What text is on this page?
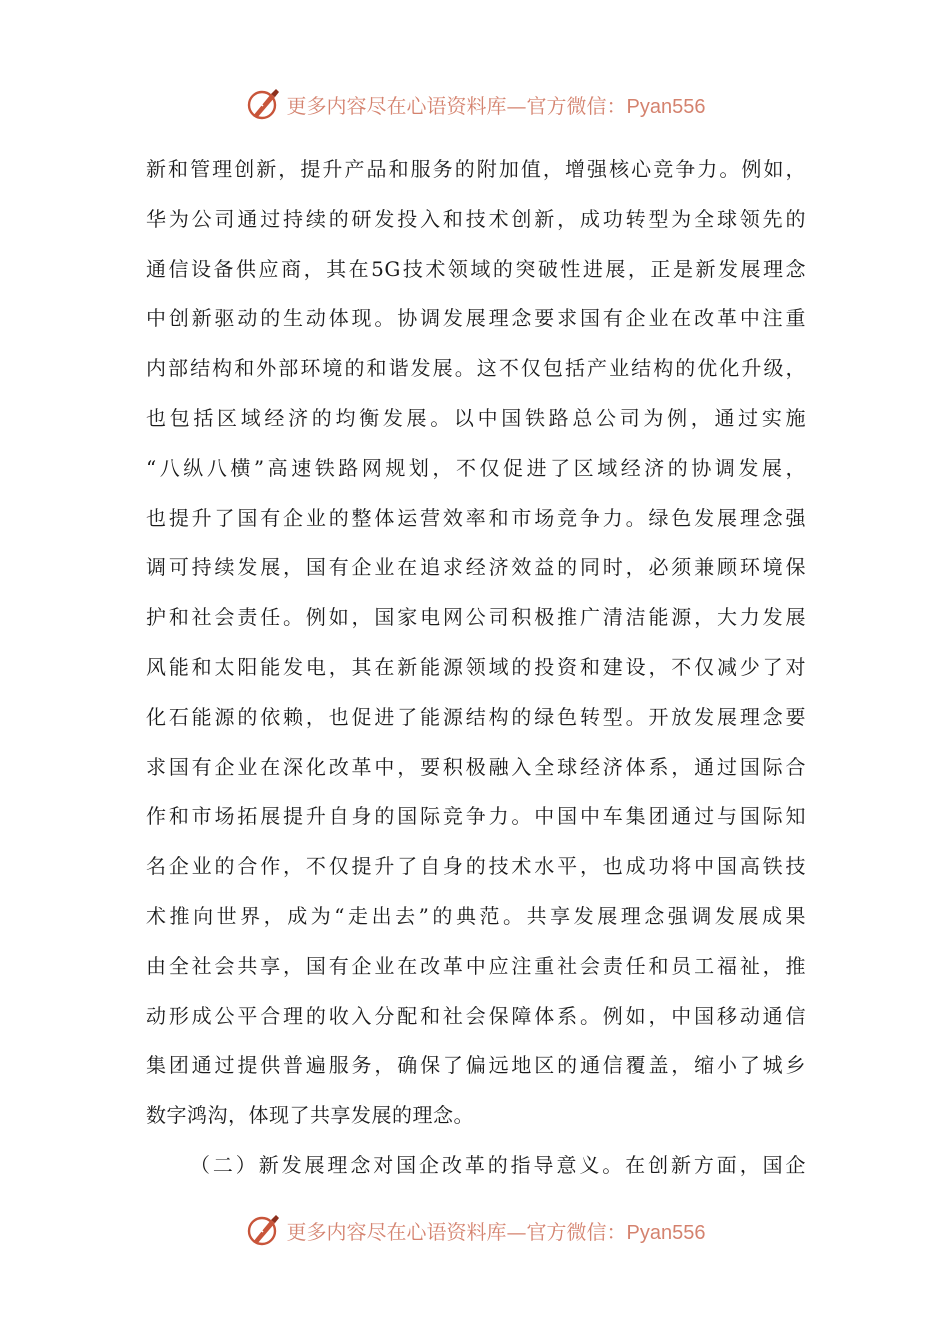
更多内容尽在心语资料库—官方微信：Pyan556
新和管理创新，提升产品和服务的附加值，增强核心竞争力。例如，
华为公司通过持续的研发投入和技术创新，成功转型为全球领先的
通信设备供应商，其在5G技术领域的突破性进展，正是新发展理念
中创新驱动的生动体现。协调发展理念要求国有企业在改革中注重
内部结构和外部环境的和谐发展。这不仅包括产业结构的优化升级，
也包括区域经济的均衡发展。以中国铁路总公司为例，通过实施
“八纵八横”高速铁路网规划，不仅促进了区域经济的协调发展，
也提升了国有企业的整体运营效率和市场竞争力。绿色发展理念强
调可持续发展，国有企业在追求经济效益的同时，必须兼顾环境保
护和社会责任。例如，国家电网公司积极推广清洁能源，大力发展
风能和太阳能发电，其在新能源领域的投资和建设，不仅减少了对
化石能源的依赖，也促进了能源结构的绿色转型。开放发展理念要
求国有企业在深化改革中，要积极融入全球经济体系，通过国际合
作和市场拓展提升自身的国际竞争力。中国中车集团通过与国际知
名企业的合作，不仅提升了自身的技术水平，也成功将中国高铁技
术推向世界，成为“走出去”的典范。共享发展理念强调发展成果
由全社会共享，国有企业在改革中应注重社会责任和员工福祉，推
动形成公平合理的收入分配和社会保障体系。例如，中国移动通信
集团通过提供普遍服务，确保了偏远地区的通信覆盖，缩小了城乡
数字鸿沟，体现了共享发展的理念。
（二）新发展理念对国企改革的指导意义。在创新方面，国企
更多内容尽在心语资料库—官方微信：Pyan556
